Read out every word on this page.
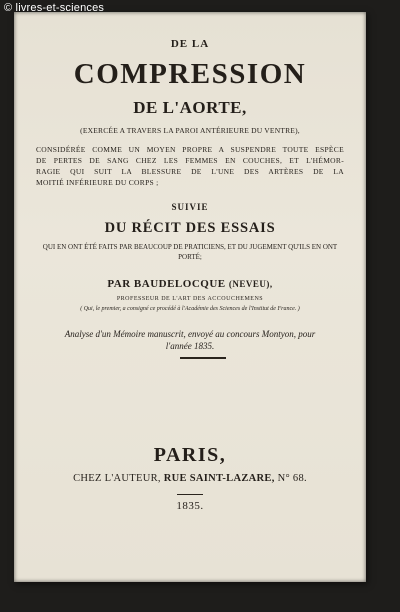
© livres-et-sciences
DE LA
COMPRESSION
DE L'AORTE,
(EXERCÉE A TRAVERS LA PAROI ANTÉRIEURE DU VENTRE),
CONSIDÉRÉE COMME UN MOYEN PROPRE A SUSPENDRE TOUTE ESPÈCE
DE PERTES DE SANG CHEZ LES FEMMES EN COUCHES, ET L'HÉMOR-
RAGIE QUI SUIT LA BLESSURE DE L'UNE DES ARTÈRES DE LA
MOITIÉ INFÉRIEURE DU CORPS ;
SUIVIE
DU RÉCIT DES ESSAIS
QUI EN ONT ÉTÉ FAITS PAR BEAUCOUP DE PRATICIENS, ET DU JUGEMENT QU'ILS EN ONT PORTÉ;
PAR BAUDELOCQUE (NEVEU),
PROFESSEUR DE L'ART DES ACCOUCHEMENS
( Qui, le premier, a consigné ce procédé à l'Académie des Sciences de l'Institut de France. )
Analyse d'un Mémoire manuscrit, envoyé au concours Montyon, pour l'année 1835.
PARIS,
CHEZ L'AUTEUR, RUE SAINT-LAZARE, N° 68.
1835.
